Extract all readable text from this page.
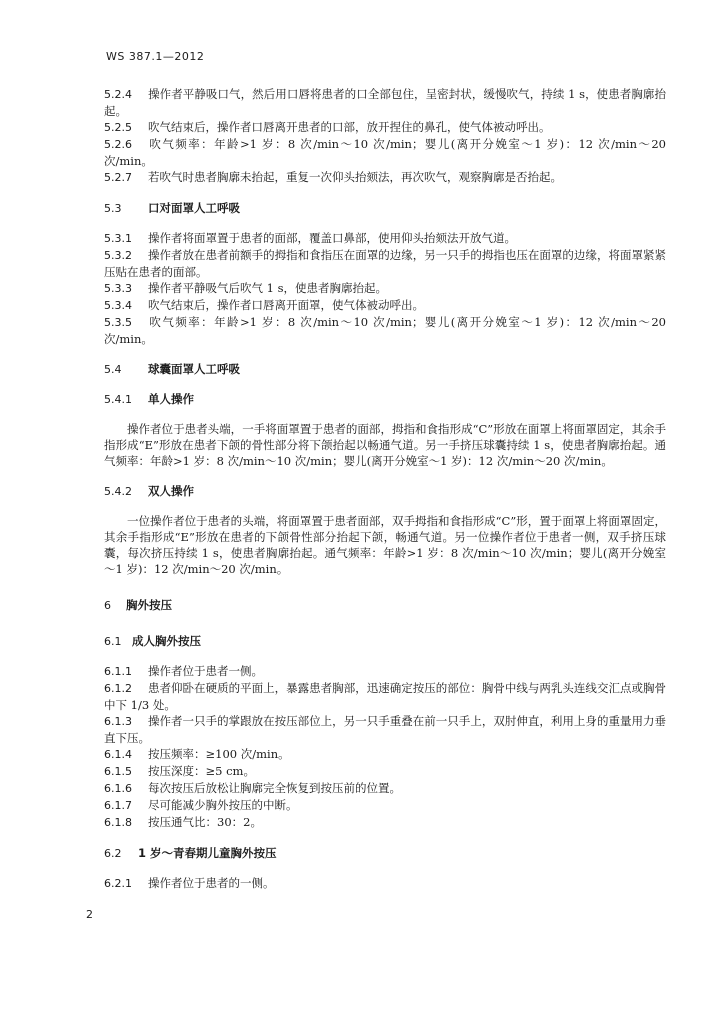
WS 387.1—2012

5.2.4 操作者平静吸口气，然后用口唇将患者的口全部包住，呈密封状，缓慢吹气，持续 1 s，使患者胸廓抬起。

5.2.5 吹气结束后，操作者口唇离开患者的口部，放开捏住的鼻孔，使气体被动呼出。

5.2.6 吹气频率：年龄>1 岁：8 次/min～10 次/min；婴儿(离开分娩室～1 岁)：12 次/min～20 次/min。

5.2.7 若吹气时患者胸廓未抬起，重复一次仰头抬颏法，再次吹气，观察胸廓是否抬起。

5.3 口对面罩人工呼吸

5.3.1 操作者将面罩置于患者的面部，覆盖口鼻部，使用仰头抬颏法开放气道。

5.3.2 操作者放在患者前额手的拇指和食指压在面罩的边缘，另一只手的拇指也压在面罩的边缘，将面罩紧紧压贴在患者的面部。

5.3.3 操作者平静吸气后吹气 1 s，使患者胸廓抬起。

5.3.4 吹气结束后，操作者口唇离开面罩，使气体被动呼出。

5.3.5 吹气频率：年龄>1 岁：8 次/min～10 次/min；婴儿(离开分娩室～1 岁)：12 次/min～20 次/min。

5.4 球囊面罩人工呼吸

5.4.1 单人操作

操作者位于患者头端，一手将面罩置于患者的面部，拇指和食指形成“C”形放在面罩上将面罩固定，其余手指形成“E”形放在患者下颌的骨性部分将下颌抬起以畅通气道。另一手挤压球囊持续 1 s，使患者胸廓抬起。通气频率：年龄>1 岁：8 次/min～10 次/min；婴儿(离开分娩室～1 岁)：12 次/min～20 次/min。

5.4.2 双人操作

一位操作者位于患者的头端，将面罩置于患者面部，双手拇指和食指形成“C”形，置于面罩上将面罩固定，其余手指形成“E”形放在患者的下颌骨性部分抬起下颌，畅通气道。另一位操作者位于患者一侧，双手挤压球囊，每次挤压持续 1 s，使患者胸廓抬起。通气频率：年龄>1 岁：8 次/min～10 次/min；婴儿(离开分娩室～1 岁)：12 次/min～20 次/min。

6 胸外按压

6.1 成人胸外按压

6.1.1 操作者位于患者一侧。

6.1.2 患者仰卧在硬质的平面上，暴露患者胸部，迅速确定按压的部位：胸骨中线与两乳头连线交汇点或胸骨中下 1/3 处。

6.1.3 操作者一只手的掌跟放在按压部位上，另一只手重叠在前一只手上，双肘伸直，利用上身的重量用力垂直下压。

6.1.4 按压频率：≥100 次/min。

6.1.5 按压深度：≥5 cm。

6.1.6 每次按压后放松让胸廓完全恢复到按压前的位置。

6.1.7 尽可能减少胸外按压的中断。

6.1.8 按压通气比：30：2。

6.2 1 岁～青春期儿童胸外按压

6.2.1 操作者位于患者的一侧。

2
